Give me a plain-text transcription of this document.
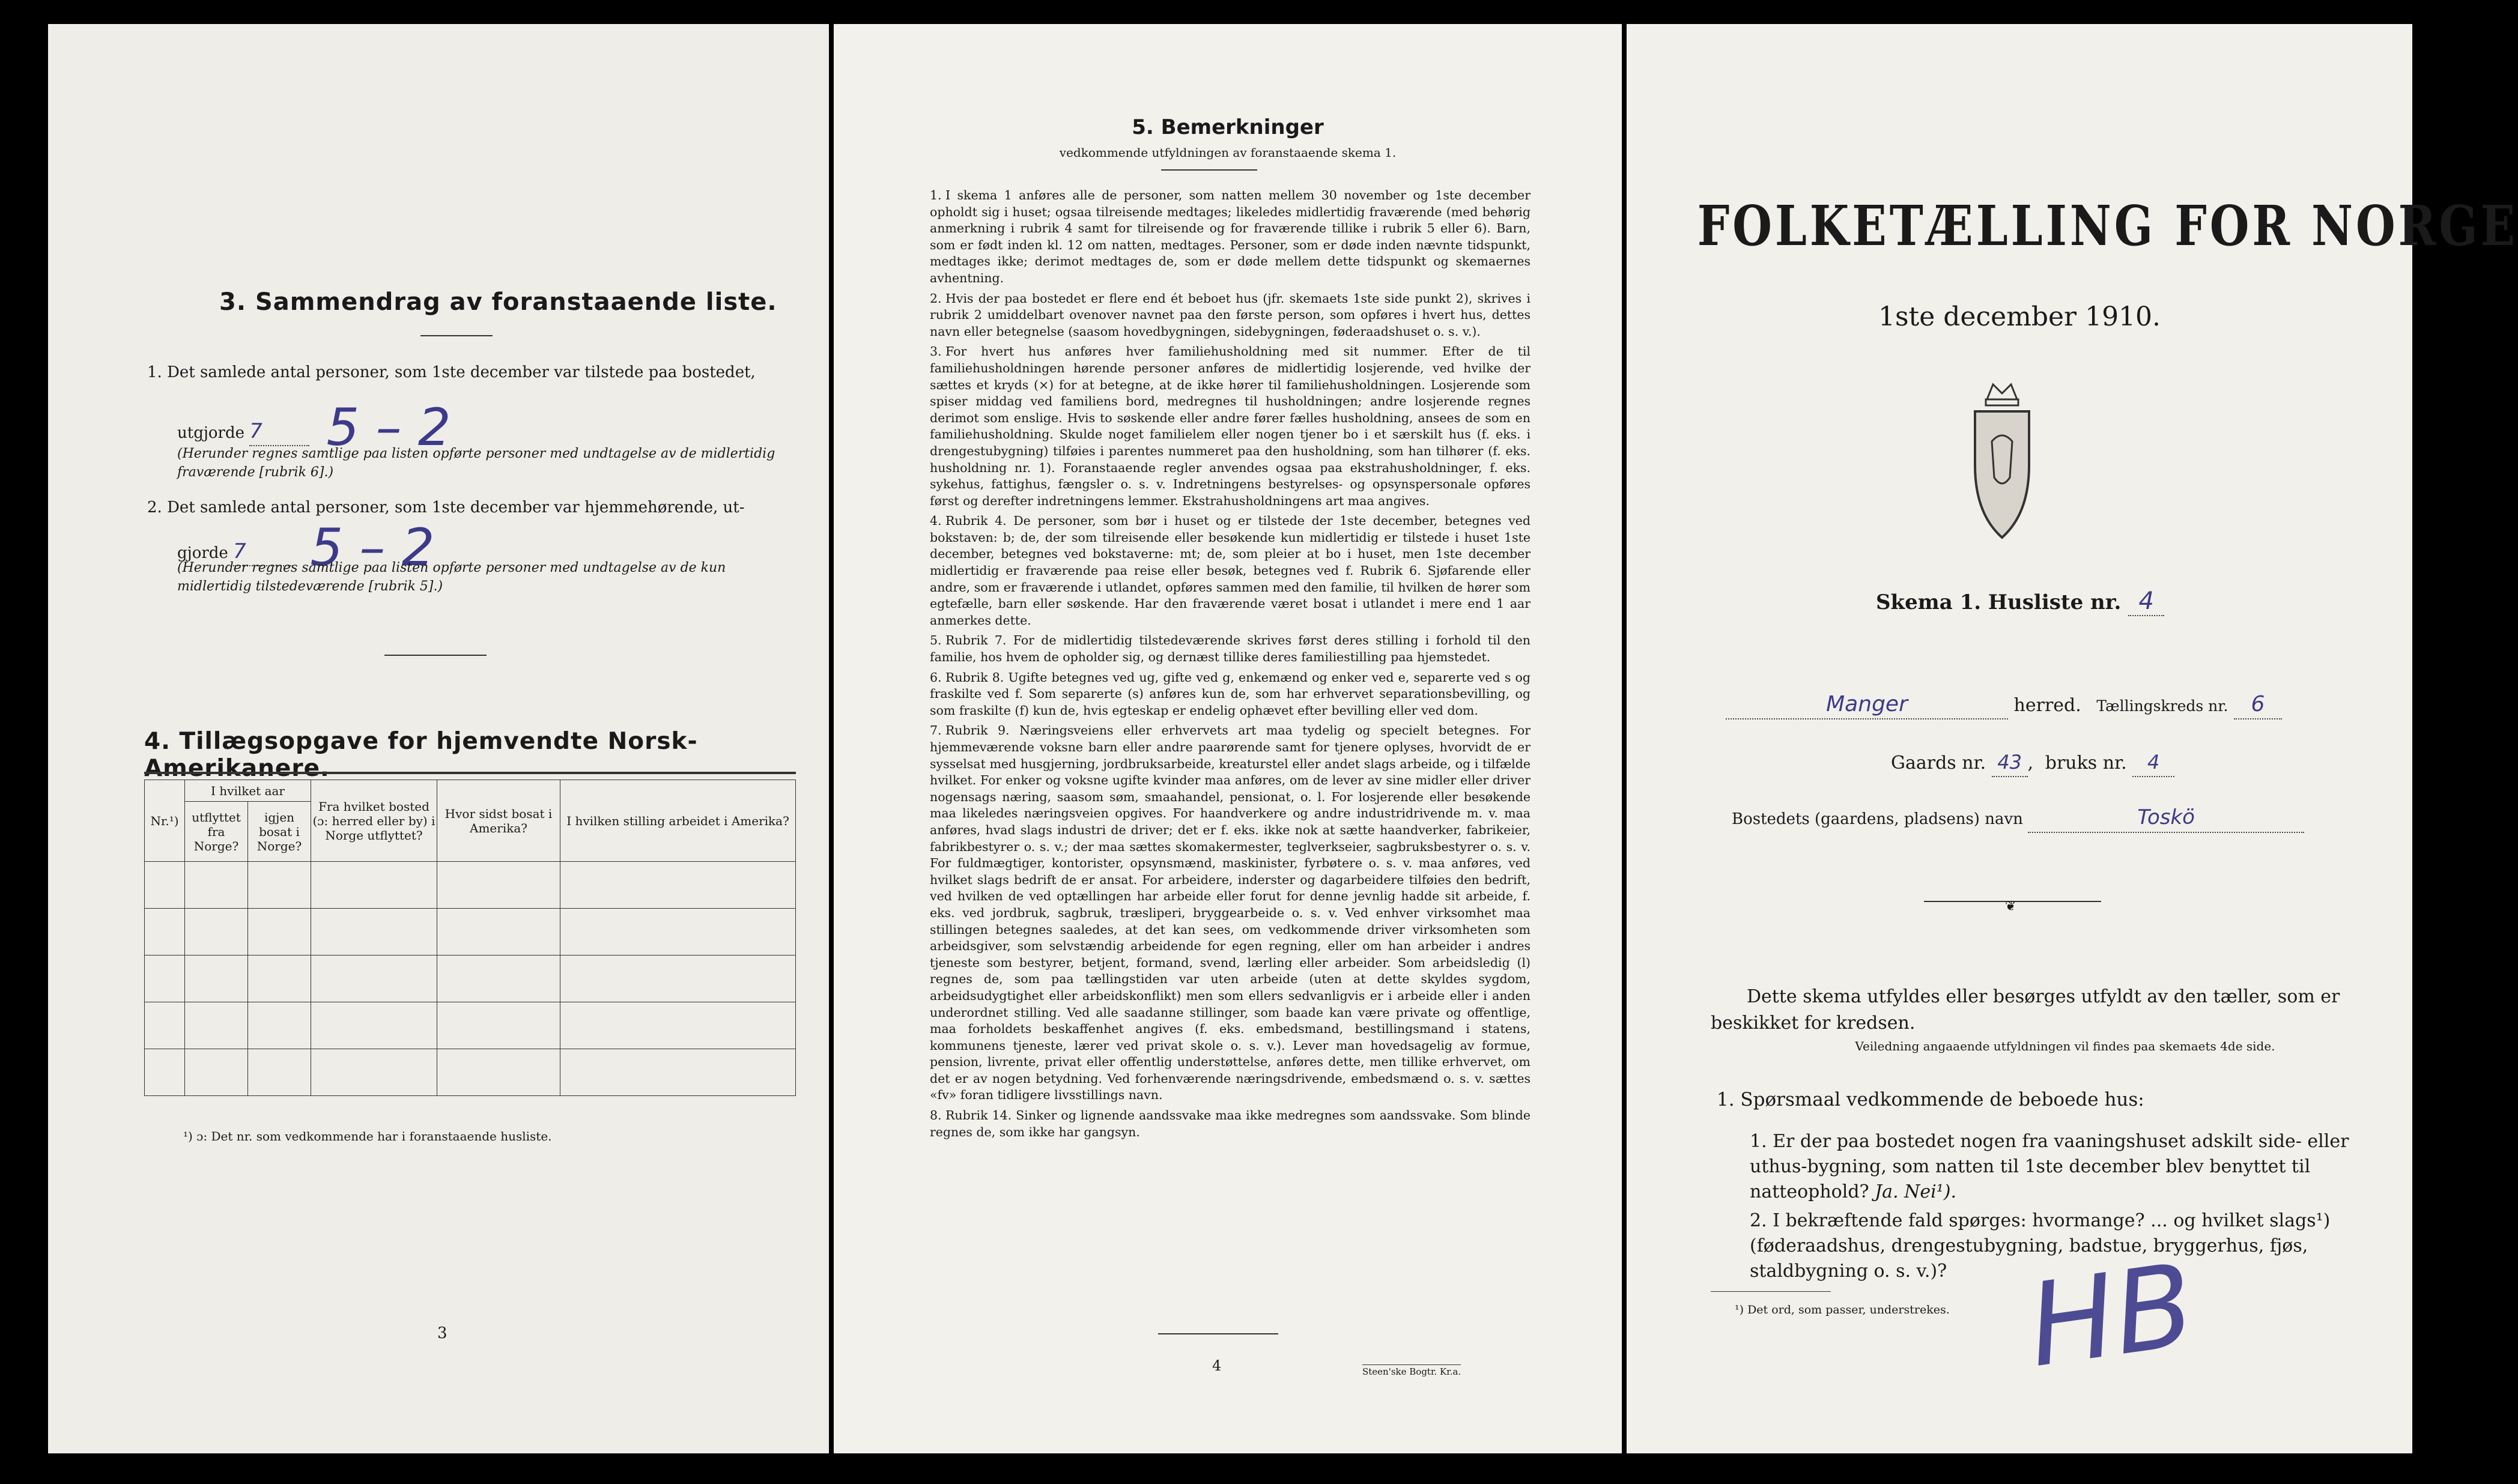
3. Sammendrag av foranstaaende liste.
1. Det samlede antal personer, som 1ste december var tilstede paa bostedet,
utgjorde 7 5 – 2
(Herunder regnes samtlige paa listen opførte personer med undtagelse av de midlertidig fraværende [rubrik 6].)
2. Det samlede antal personer, som 1ste december var hjemmehørende, ut-
gjorde 7 5 – 2
(Herunder regnes samtlige paa listen opførte personer med undtagelse av de kun midlertidig tilstedeværende [rubrik 5].)
4. Tillægsopgave for hjemvendte Norsk-Amerikanere.
Nr.¹)	I hvilket aar		Fra hvilket bosted (ɔ: herred eller by) i Norge utflyttet?	Hvor sidst bosat i Amerika?	I hvilken stilling arbeidet i Amerika?
	utflyttet fra Norge?	igjen bosat i Norge?			

¹) ɔ: Det nr. som vedkommende har i foranstaaende husliste.
3
5. Bemerkninger
vedkommende utfyldningen av foranstaaende skema 1.
1. I skema 1 anføres alle de personer, som natten mellem 30 november og 1ste december opholdt sig i huset; ogsaa tilreisende medtages; likeledes midlertidig fraværende (med behørig anmerkning i rubrik 4 samt for tilreisende og for fraværende tillike i rubrik 5 eller 6). Barn, som er født inden kl. 12 om natten, medtages. Personer, som er døde inden nævnte tidspunkt, medtages ikke; derimot medtages de, som er døde mellem dette tidspunkt og skemaernes avhentning.
2. Hvis der paa bostedet er flere end ét beboet hus (jfr. skemaets 1ste side punkt 2), skrives i rubrik 2 umiddelbart ovenover navnet paa den første person, som opføres i hvert hus, dettes navn eller betegnelse (saasom hovedbygningen, sidebygningen, føderaadshuset o. s. v.).
3. For hvert hus anføres hver familiehusholdning med sit nummer. Efter de til familiehusholdningen hørende personer anføres de midlertidig losjerende, ved hvilke der sættes et kryds (×) for at betegne, at de ikke hører til familiehusholdningen. Losjerende som spiser middag ved familiens bord, medregnes til husholdningen; andre losjerende regnes derimot som enslige. Hvis to søskende eller andre fører fælles husholdning, ansees de som en familiehusholdning. Skulde noget familielem eller nogen tjener bo i et særskilt hus (f. eks. i drengestubygning) tilføies i parentes nummeret paa den husholdning, som han tilhører (f. eks. husholdning nr. 1). Foranstaaende regler anvendes ogsaa paa ekstrahusholdninger, f. eks. sykehus, fattighus, fængsler o. s. v. Indretningens bestyrelses- og opsynspersonale opføres først og derefter indretningens lemmer. Ekstrahusholdningens art maa angives.
4. Rubrik 4. De personer, som bør i huset og er tilstede der 1ste december, betegnes ved bokstaven: b; de, der som tilreisende eller besøkende kun midlertidig er tilstede i huset 1ste december, betegnes ved bokstaverne: mt; de, som pleier at bo i huset, men 1ste december midlertidig er fraværende paa reise eller besøk, betegnes ved f. Rubrik 6. Sjøfarende eller andre, som er fraværende i utlandet, opføres sammen med den familie, til hvilken de hører som egtefælle, barn eller søskende. Har den fraværende været bosat i utlandet i mere end 1 aar anmerkes dette.
5. Rubrik 7. For de midlertidig tilstedeværende skrives først deres stilling i forhold til den familie, hos hvem de opholder sig, og dernæst tillike deres familiestilling paa hjemstedet.
6. Rubrik 8. Ugifte betegnes ved ug, gifte ved g, enkemænd og enker ved e, separerte ved s og fraskilte ved f. Som separerte (s) anføres kun de, som har erhvervet separationsbevilling, og som fraskilte (f) kun de, hvis egteskap er endelig ophævet efter bevilling eller ved dom.
7. Rubrik 9. Næringsveiens eller erhvervets art maa tydelig og specielt betegnes. For hjemmeværende voksne barn eller andre paarørende samt for tjenere oplyses, hvorvidt de er sysselsat med husgjerning, jordbruksarbeide, kreaturstel eller andet slags arbeide, og i tilfælde hvilket. For enker og voksne ugifte kvinder maa anføres, om de lever av sine midler eller driver nogensags næring, saasom søm, smaahandel, pensionat, o. l. For losjerende eller besøkende maa likeledes næringsveien opgives. For haandverkere og andre industridrivende m. v. maa anføres, hvad slags industri de driver; det er f. eks. ikke nok at sætte haandverker, fabrikeier, fabrikbestyrer o. s. v.; der maa sættes skomakermester, teglverkseier, sagbruksbestyrer o. s. v. For fuldmægtiger, kontorister, opsynsmænd, maskinister, fyrbøtere o. s. v. maa anføres, ved hvilket slags bedrift de er ansat. For arbeidere, inderster og dagarbeidere tilføies den bedrift, ved hvilken de ved optællingen har arbeide eller forut for denne jevnlig hadde sit arbeide, f. eks. ved jordbruk, sagbruk, træsliperi, bryggearbeide o. s. v. Ved enhver virksomhet maa stillingen betegnes saaledes, at det kan sees, om vedkommende driver virksomheten som arbeidsgiver, som selvstændig arbeidende for egen regning, eller om han arbeider i andres tjeneste som bestyrer, betjent, formand, svend, lærling eller arbeider. Som arbeidsledig (l) regnes de, som paa tællingstiden var uten arbeide (uten at dette skyldes sygdom, arbeidsudygtighet eller arbeidskonflikt) men som ellers sedvanligvis er i arbeide eller i anden underordnet stilling. Ved alle saadanne stillinger, som baade kan være private og offentlige, maa forholdets beskaffenhet angives (f. eks. embedsmand, bestillingsmand i statens, kommunens tjeneste, lærer ved privat skole o. s. v.). Lever man hovedsagelig av formue, pension, livrente, privat eller offentlig understøttelse, anføres dette, men tillike erhvervet, om det er av nogen betydning. Ved forhenværende næringsdrivende, embedsmænd o. s. v. sættes «fv» foran tidligere livsstillings navn.
8. Rubrik 14. Sinker og lignende aandssvake maa ikke medregnes som aandssvake. Som blinde regnes de, som ikke har gangsyn.
4	Steen'ske Bogtr. Kr.a.
FOLKETÆLLING FOR NORGE
1ste december 1910.
Skema 1. Husliste nr. 4
Manger	herred. Tællingskreds nr. 6
Gaards nr. 43 , bruks nr. 4
Bostedets (gaardens, pladsens) navn	Toskö
❦
Dette skema utfyldes eller besørges utfyldt av den tæller, som er beskikket for kredsen.
Veiledning angaaende utfyldningen vil findes paa skemaets 4de side.
1. Spørsmaal vedkommende de beboede hus:
1. Er der paa bostedet nogen fra vaaningshuset adskilt side- eller uthus-bygning, som natten til 1ste december blev benyttet til natteophold? Ja. Nei¹).
2. I bekræftende fald spørges: hvormange? ... og hvilket slags¹) (føderaadshus, drengestubygning, badstue, bryggerhus, fjøs, staldbygning o. s. v.)?
¹) Det ord, som passer, understrekes. HB
